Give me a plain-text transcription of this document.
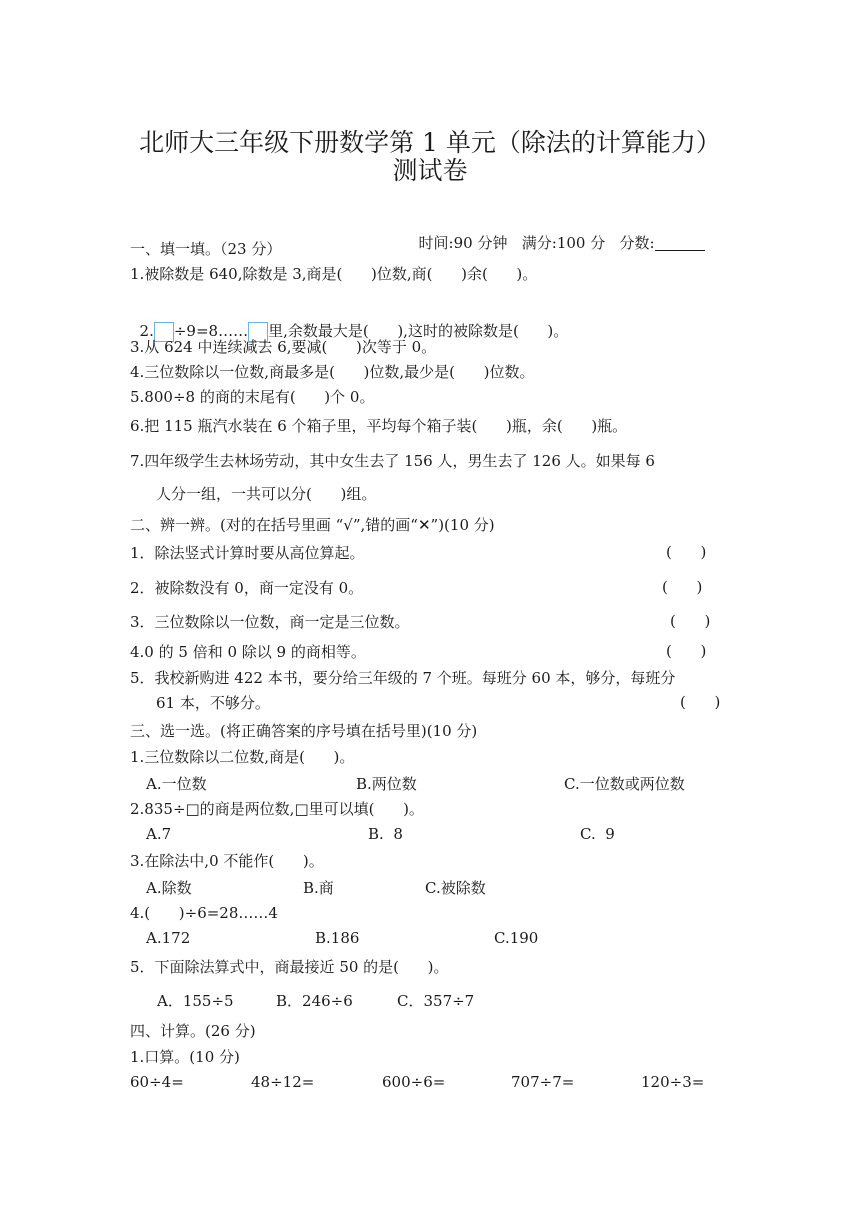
北师大三年级下册数学第 1 单元（除法的计算能力）
测试卷

时间:90 分钟 满分:100 分 分数:

一、填一填。（23 分）
1.被除数是 640,除数是 3,商是(      )位数,商(      )余(      )。

2. ÷9=8…… 里,余数最大是(      ),这时的被除数是(      )。

3.从 624 中连续减去 6,要减(      )次等于 0。
4.三位数除以一位数,商最多是(      )位数,最少是(      )位数。
5.800÷8 的商的末尾有(      )个 0。
6.把 115 瓶汽水装在 6 个箱子里，平均每个箱子装(      )瓶，余(      )瓶。
7.四年级学生去林场劳动，其中女生去了 156 人，男生去了 126 人。如果每 6
人分一组，一共可以分(      )组。
二、辨一辨。(对的在括号里画 “√”,错的画“✕”)(10 分)
1．除法竖式计算时要从高位算起。	(      )
2．被除数没有 0，商一定没有 0。	(      )
3．三位数除以一位数，商一定是三位数。	(      )
4.0 的 5 倍和 0 除以 9 的商相等。	(      )
5．我校新购进 422 本书，要分给三年级的 7 个班。每班分 60 本，够分，每班分
61 本，不够分。	(      )
三、选一选。(将正确答案的序号填在括号里)(10 分)
1.三位数除以二位数,商是(      )。
A.一位数	B.两位数	C.一位数或两位数
2.835÷□的商是两位数,□里可以填(      )。
A.7	B.  8	C.  9
3.在除法中,0 不能作(      )。
A.除数	B.商	C.被除数
4.(      )÷6=28……4
A.172	B.186	C.190
5．下面除法算式中，商最接近 50 的是(      )。
A．155÷5	B．246÷6	C．357÷7
四、计算。(26 分)
1.口算。(10 分)
60÷4=	48÷12=	600÷6=	707÷7=	120÷3=
